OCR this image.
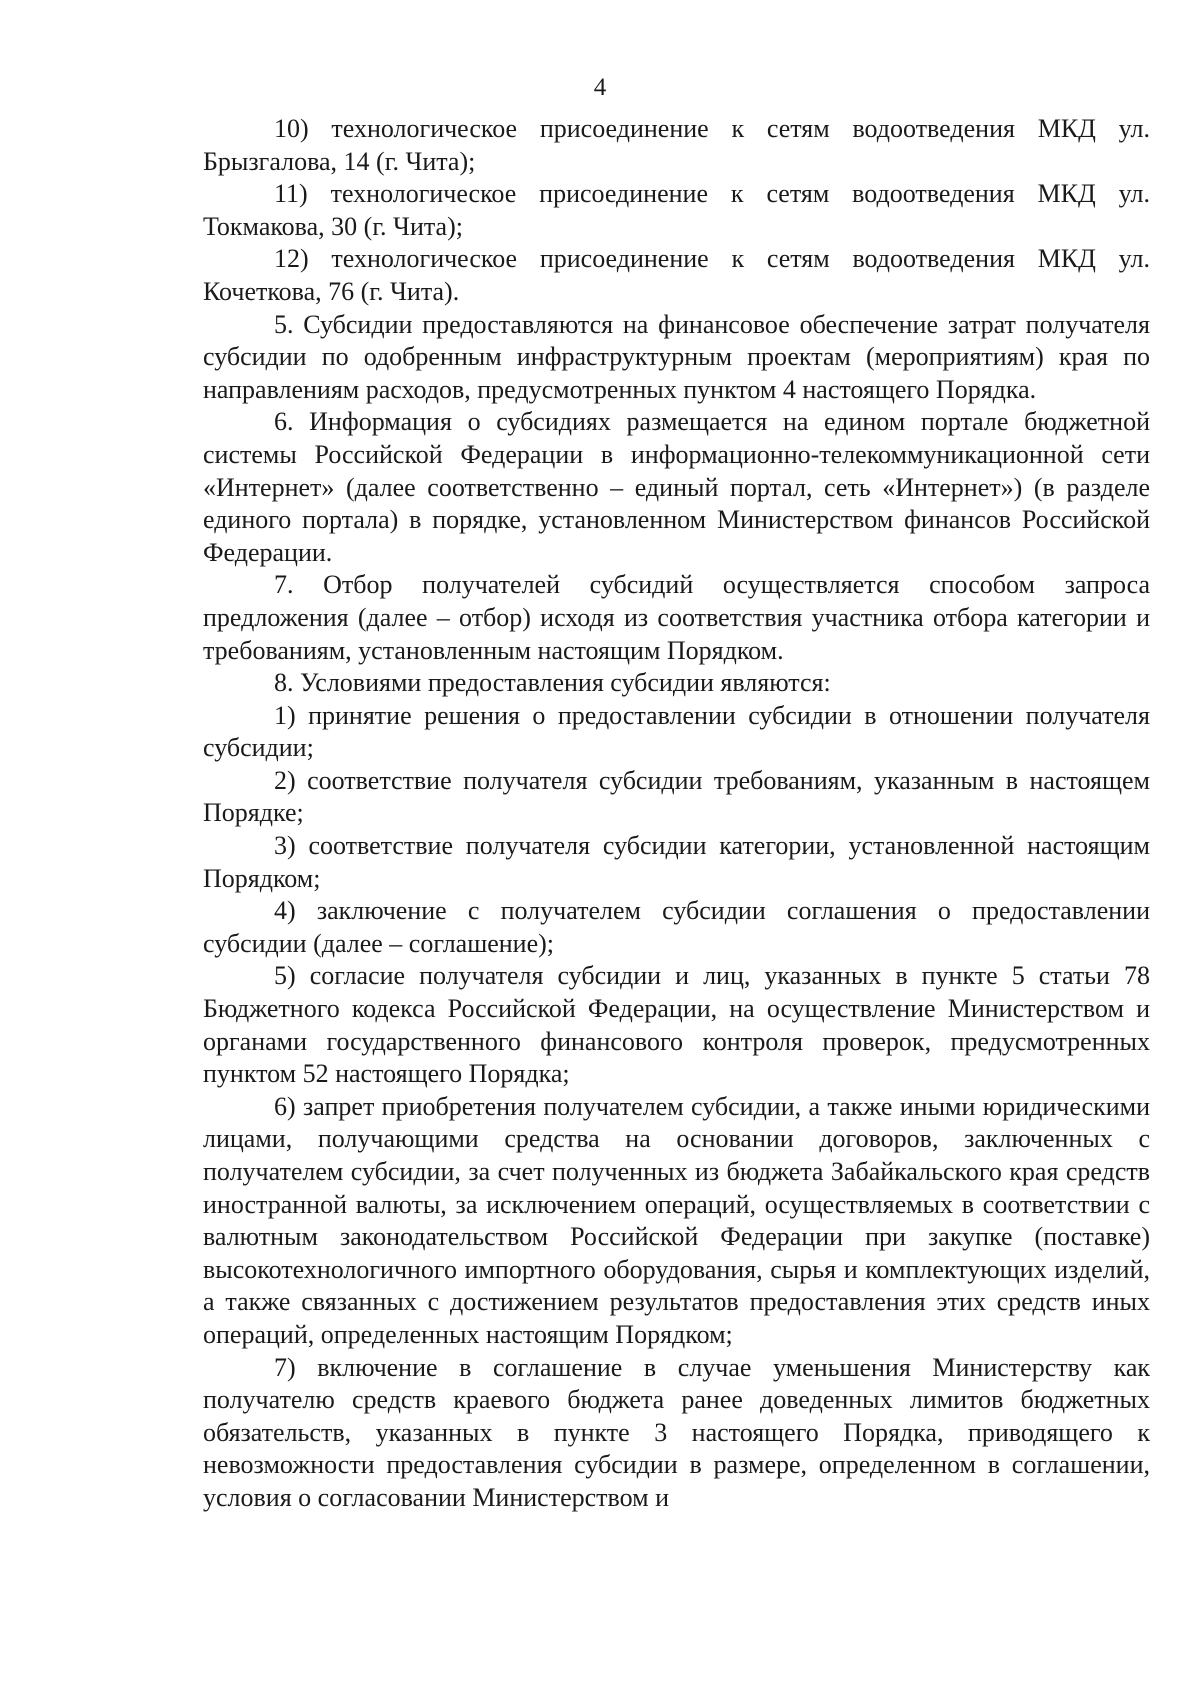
4

10) технологическое присоединение к сетям водоотведения МКД ул. Брызгалова, 14 (г. Чита);

11) технологическое присоединение к сетям водоотведения МКД ул. Токмакова, 30 (г. Чита);

12) технологическое присоединение к сетям водоотведения МКД ул. Кочеткова, 76 (г. Чита).

5. Субсидии предоставляются на финансовое обеспечение затрат получателя субсидии по одобренным инфраструктурным проектам (мероприятиям) края по направлениям расходов, предусмотренных пунктом 4 настоящего Порядка.

6. Информация о субсидиях размещается на едином портале бюджетной системы Российской Федерации в информационно-телекоммуникационной сети «Интернет» (далее соответственно – единый портал, сеть «Интернет») (в разделе единого портала) в порядке, установленном Министерством финансов Российской Федерации.

7. Отбор получателей субсидий осуществляется способом запроса предложения (далее – отбор) исходя из соответствия участника отбора категории и требованиям, установленным настоящим Порядком.

8. Условиями предоставления субсидии являются:

1) принятие решения о предоставлении субсидии в отношении получателя субсидии;

2) соответствие получателя субсидии требованиям, указанным в настоящем Порядке;

3) соответствие получателя субсидии категории, установленной настоящим Порядком;

4) заключение с получателем субсидии соглашения о предоставлении субсидии (далее – соглашение);

5) согласие получателя субсидии и лиц, указанных в пункте 5 статьи 78 Бюджетного кодекса Российской Федерации, на осуществление Министерством и органами государственного финансового контроля проверок, предусмотренных пунктом 52 настоящего Порядка;

6) запрет приобретения получателем субсидии, а также иными юридическими лицами, получающими средства на основании договоров, заключенных с получателем субсидии, за счет полученных из бюджета Забайкальского края средств иностранной валюты, за исключением операций, осуществляемых в соответствии с валютным законодательством Российской Федерации при закупке (поставке) высокотехнологичного импортного оборудования, сырья и комплектующих изделий, а также связанных с достижением результатов предоставления этих средств иных операций, определенных настоящим Порядком;

7) включение в соглашение в случае уменьшения Министерству как получателю средств краевого бюджета ранее доведенных лимитов бюджетных обязательств, указанных в пункте 3 настоящего Порядка, приводящего к невозможности предоставления субсидии в размере, определенном в соглашении, условия о согласовании Министерством и
